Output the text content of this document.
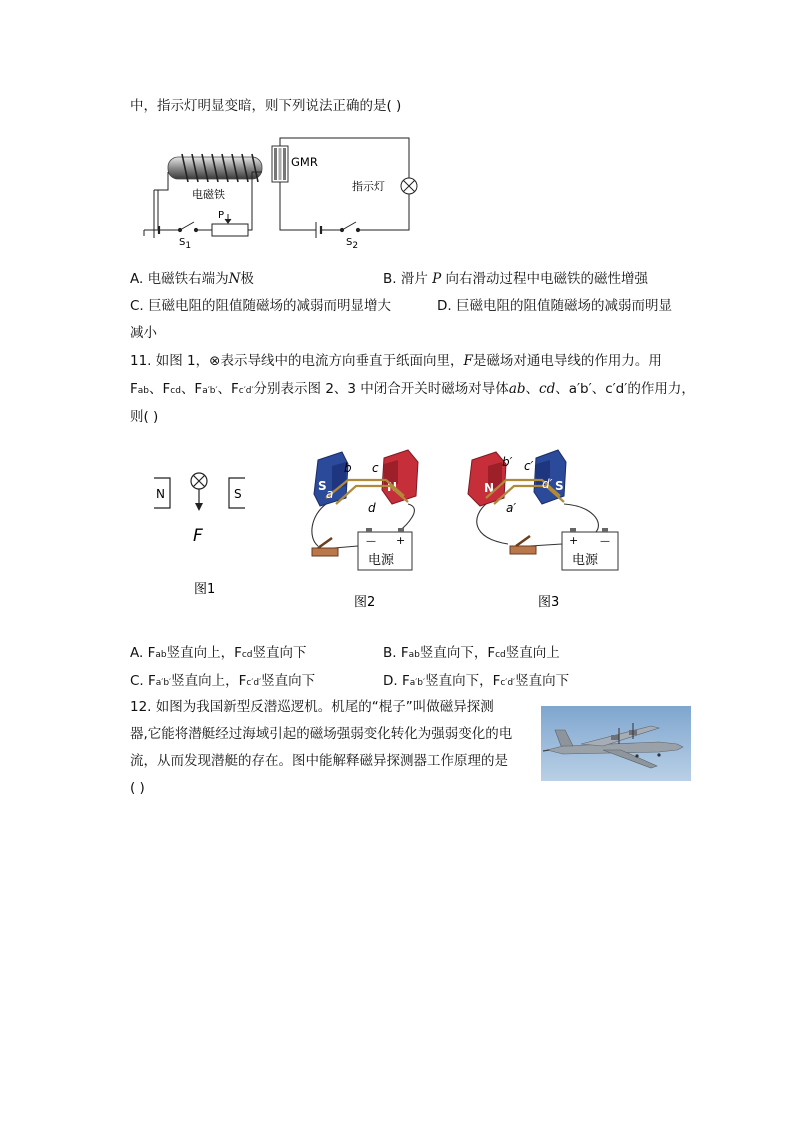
中，指示灯明显变暗，则下列说法正确的是( )
电磁铁
GMR
S1
P
指示灯
S2
A. 电磁铁右端为N极	B. 滑片 P 向右滑动过程中电磁铁的磁性增强
C. 巨磁电阻的阻值随磁场的减弱而明显增大	D. 巨磁电阻的阻值随磁场的减弱而明显
减小
11. 如图 1，⊗表示导线中的电流方向垂直于纸面向里，F是磁场对通电导线的作用力。用
Fab、Fcd、Fa′b′、Fc′d′分别表示图 2、3 中闭合开关时磁场对导体ab、cd、a′b′、c′d′的作用力，
则( )
N	S
F
图1
S	N
b c
a
d
— +
电源
图2
N	S
b′ c′
d′
a′
+ —
电源
图3
A. Fab竖直向上，Fcd竖直向下	B. Fab竖直向下，Fcd竖直向上
C. Fa′b′竖直向上，Fc′d′竖直向下	D. Fa′b′竖直向下，Fc′d′竖直向下
12. 如图为我国新型反潜巡逻机。机尾的“棍子”叫做磁异探测
器,它能将潜艇经过海域引起的磁场强弱变化转化为强弱变化的电
流，从而发现潜艇的存在。图中能解释磁异探测器工作原理的是
( )
